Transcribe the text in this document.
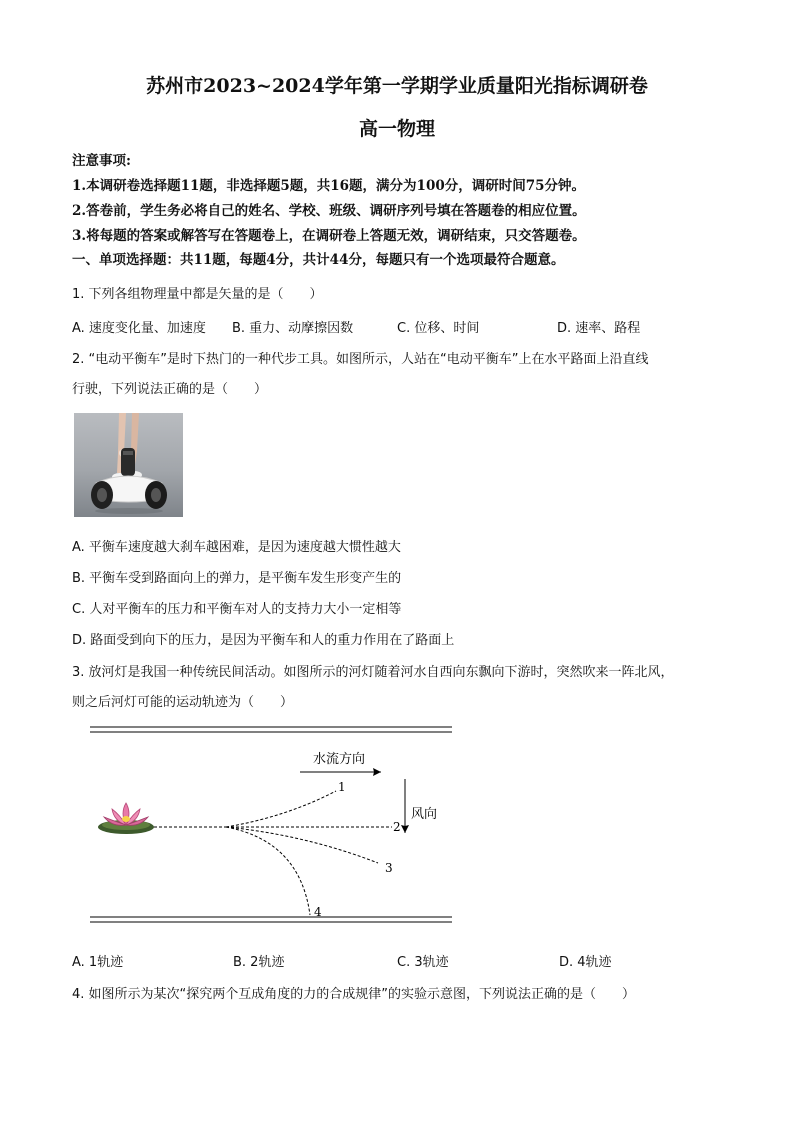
苏州市2023~2024学年第一学期学业质量阳光指标调研卷
高一物理
注意事项:
1.本调研卷选择题11题，非选择题5题，共16题，满分为100分，调研时间75分钟。
2.答卷前，学生务必将自己的姓名、学校、班级、调研序列号填在答题卷的相应位置。
3.将每题的答案或解答写在答题卷上，在调研卷上答题无效，调研结束，只交答题卷。
一、单项选择题：共11题，每题4分，共计44分，每题只有一个选项最符合题意。
1. 下列各组物理量中都是矢量的是（　　）
A. 速度变化量、加速度 B. 重力、动摩擦因数	C. 位移、时间	D. 速率、路程
2. “电动平衡车”是时下热门的一种代步工具。如图所示，人站在“电动平衡车”上在水平路面上沿直线
行驶，下列说法正确的是（　　）
A. 平衡车速度越大刹车越困难，是因为速度越大惯性越大
B. 平衡车受到路面向上的弹力，是平衡车发生形变产生的
C. 人对平衡车的压力和平衡车对人的支持力大小一定相等
D. 路面受到向下的压力，是因为平衡车和人的重力作用在了路面上
3. 放河灯是我国一种传统民间活动。如图所示的河灯随着河水自西向东飘向下游时，突然吹来一阵北风，
则之后河灯可能的运动轨迹为（　　）
水流方向
风向
1
2
3
4
A. 1轨迹	B. 2轨迹	C. 3轨迹	D. 4轨迹
4. 如图所示为某次“探究两个互成角度的力的合成规律”的实验示意图，下列说法正确的是（　　）
